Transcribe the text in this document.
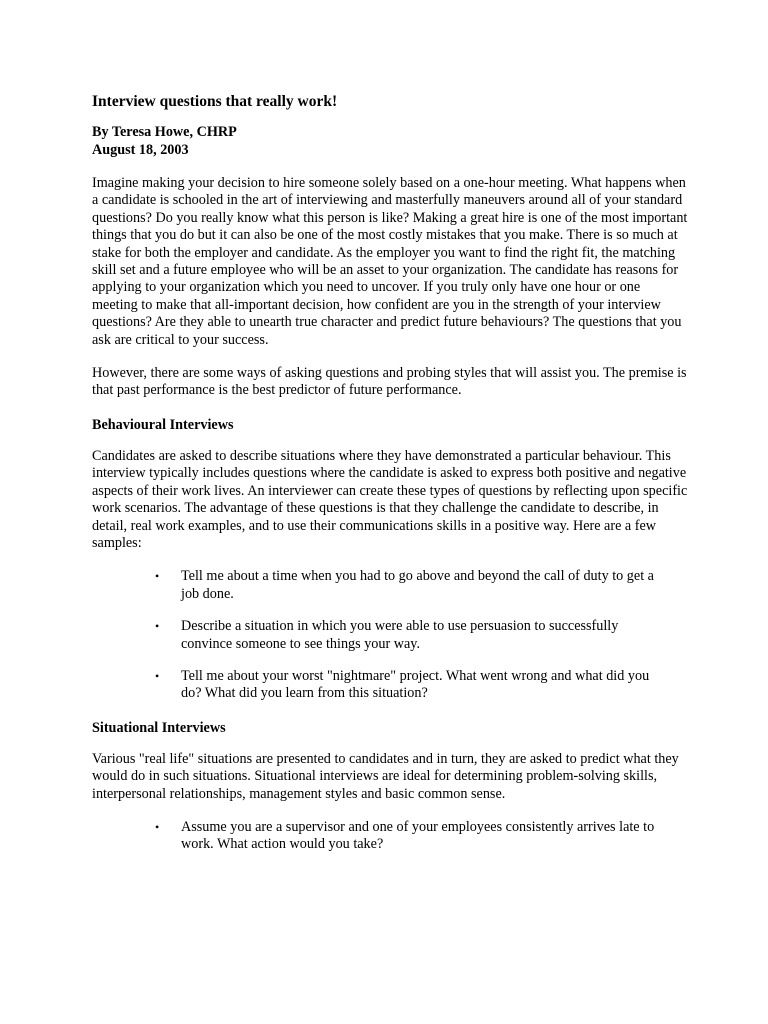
Interview questions that really work!
By Teresa Howe, CHRP
August 18, 2003

Imagine making your decision to hire someone solely based on a one-hour meeting. What happens when a candidate is schooled in the art of interviewing and masterfully maneuvers around all of your standard questions? Do you really know what this person is like? Making a great hire is one of the most important things that you do but it can also be one of the most costly mistakes that you make. There is so much at stake for both the employer and candidate. As the employer you want to find the right fit, the matching skill set and a future employee who will be an asset to your organization. The candidate has reasons for applying to your organization which you need to uncover. If you truly only have one hour or one meeting to make that all-important decision, how confident are you in the strength of your interview questions? Are they able to unearth true character and predict future behaviours? The questions that you ask are critical to your success.

However, there are some ways of asking questions and probing styles that will assist you. The premise is that past performance is the best predictor of future performance.

Behavioural Interviews

Candidates are asked to describe situations where they have demonstrated a particular behaviour. This interview typically includes questions where the candidate is asked to express both positive and negative aspects of their work lives. An interviewer can create these types of questions by reflecting upon specific work scenarios. The advantage of these questions is that they challenge the candidate to describe, in detail, real work examples, and to use their communications skills in a positive way. Here are a few samples:

• Tell me about a time when you had to go above and beyond the call of duty to get a job done.
• Describe a situation in which you were able to use persuasion to successfully convince someone to see things your way.
• Tell me about your worst "nightmare" project. What went wrong and what did you do? What did you learn from this situation?
Situational Interviews

Various "real life" situations are presented to candidates and in turn, they are asked to predict what they would do in such situations. Situational interviews are ideal for determining problem-solving skills, interpersonal relationships, management styles and basic common sense.

• Assume you are a supervisor and one of your employees consistently arrives late to work. What action would you take?
